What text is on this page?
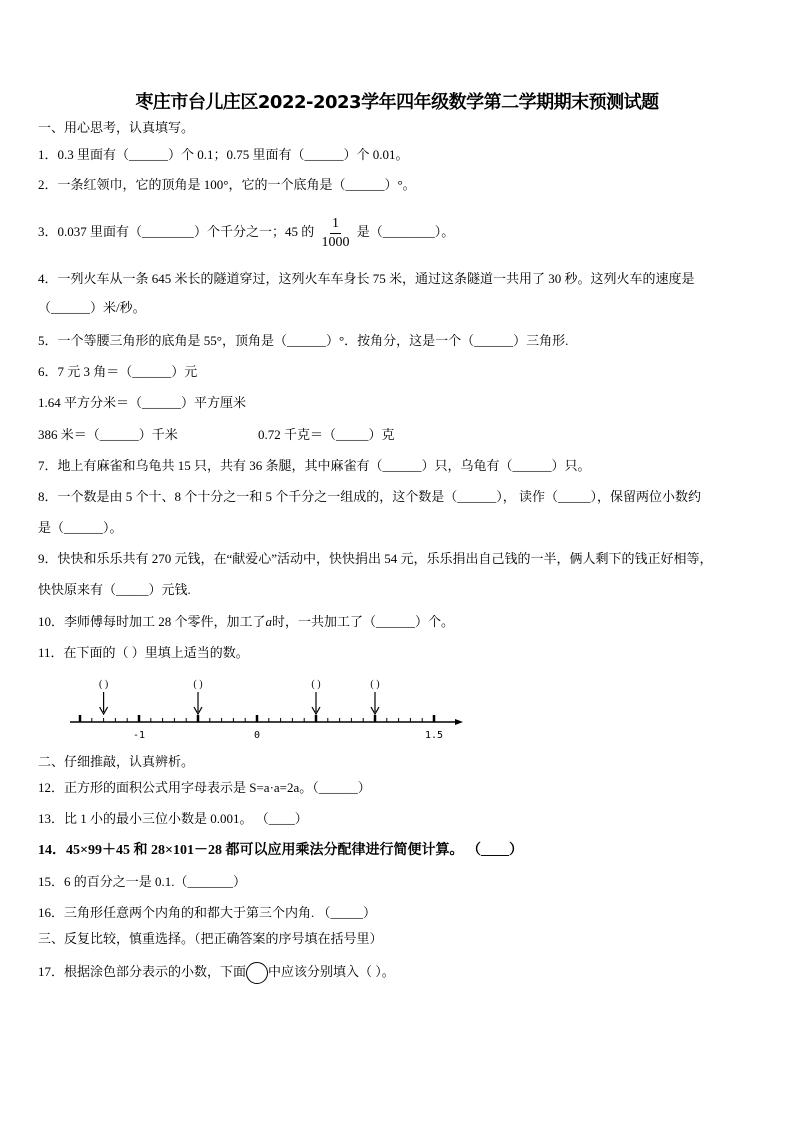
枣庄市台儿庄区2022-2023学年四年级数学第二学期期末预测试题
一、用心思考，认真填写。
1．0.3 里面有（______）个 0.1；0.75 里面有（______）个 0.01。
2．一条红领巾，它的顶角是 100°，它的一个底角是（______）°。
3．0.037 里面有（________）个千分之一；45 的 $\frac{1}{1000}$ 是（________）。
4．一列火车从一条 645 米长的隧道穿过，这列火车车身长 75 米，通过这条隧道一共用了 30 秒。这列火车的速度是
（______）米/秒。
5．一个等腰三角形的底角是 55°，顶角是（______）°．按角分，这是一个（______）三角形.
6．7 元 3 角＝（______）元
1.64 平方分米＝（______）平方厘米
386 米＝（______）千米	0.72 千克＝（_____）克
7．地上有麻雀和乌龟共 15 只，共有 36 条腿，其中麻雀有（______）只，乌龟有（______）只。
8．一个数是由 5 个十、8 个十分之一和 5 个千分之一组成的，这个数是（______）， 读作（_____），保留两位小数约
是（______）。
9．快快和乐乐共有 270 元钱，在“献爱心”活动中，快快捐出 54 元，乐乐捐出自己钱的一半，俩人剩下的钱正好相等，
快快原来有（_____）元钱.
10．李师傅每时加工 28 个零件，加工了a时，一共加工了（______）个。
11．在下面的（ ）里填上适当的数。
-1	0	1.5
( )	( )	( )	( )
二、仔细推敲，认真辨析。
12．正方形的面积公式用字母表示是 S=a·a=2a。（______）
13．比 1 小的最小三位小数是 0.001。 （____）
14．45×99＋45 和 28×101－28 都可以应用乘法分配律进行简便计算。 （____）
15．6 的百分之一是 0.1.（_______）
16．三角形任意两个内角的和都大于第三个内角. （_____）
三、反复比较，慎重选择。（把正确答案的序号填在括号里）
17．根据涂色部分表示的小数，下面 中应该分别填入（ ）。
